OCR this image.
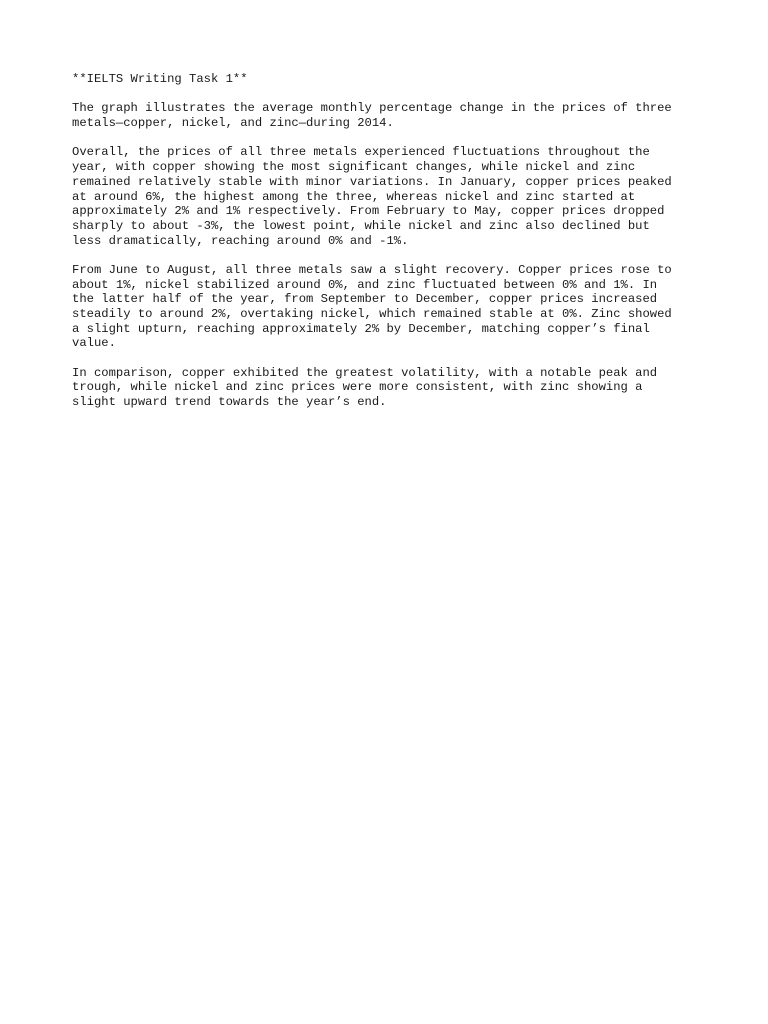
**IELTS Writing Task 1**
The graph illustrates the average monthly percentage change in the prices of three
metals—copper, nickel, and zinc—during 2014.
Overall, the prices of all three metals experienced fluctuations throughout the
year, with copper showing the most significant changes, while nickel and zinc
remained relatively stable with minor variations. In January, copper prices peaked
at around 6%, the highest among the three, whereas nickel and zinc started at
approximately 2% and 1% respectively. From February to May, copper prices dropped
sharply to about -3%, the lowest point, while nickel and zinc also declined but
less dramatically, reaching around 0% and -1%.
From June to August, all three metals saw a slight recovery. Copper prices rose to
about 1%, nickel stabilized around 0%, and zinc fluctuated between 0% and 1%. In
the latter half of the year, from September to December, copper prices increased
steadily to around 2%, overtaking nickel, which remained stable at 0%. Zinc showed
a slight upturn, reaching approximately 2% by December, matching copper’s final
value.
In comparison, copper exhibited the greatest volatility, with a notable peak and
trough, while nickel and zinc prices were more consistent, with zinc showing a
slight upward trend towards the year’s end.
